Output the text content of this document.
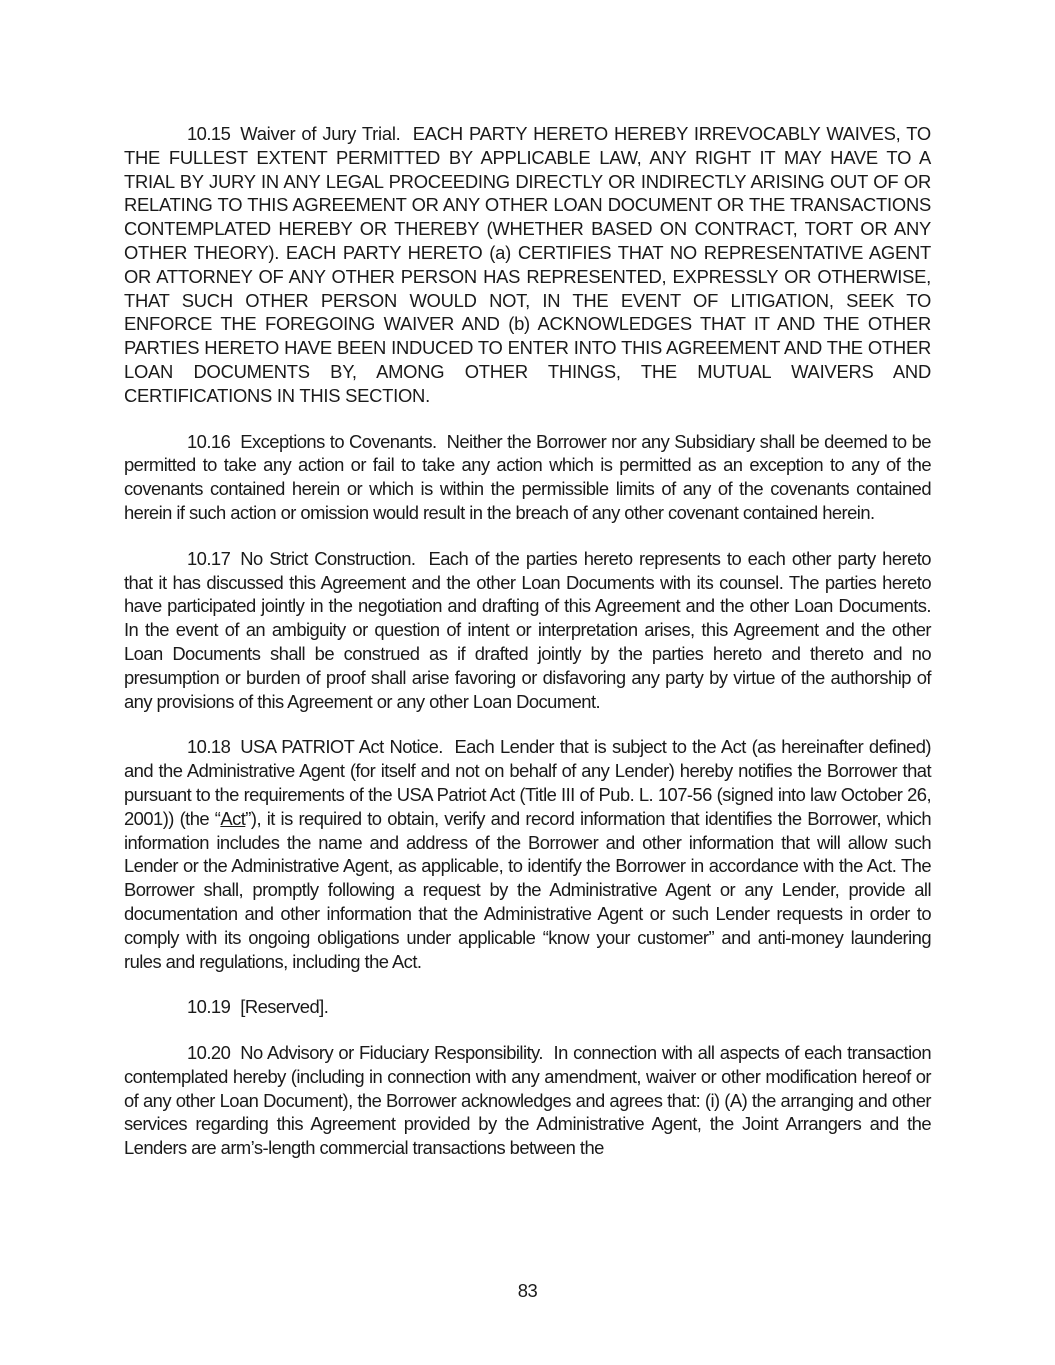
10.15 Waiver of Jury Trial. EACH PARTY HERETO HEREBY IRREVOCABLY WAIVES, TO THE FULLEST EXTENT PERMITTED BY APPLICABLE LAW, ANY RIGHT IT MAY HAVE TO A TRIAL BY JURY IN ANY LEGAL PROCEEDING DIRECTLY OR INDIRECTLY ARISING OUT OF OR RELATING TO THIS AGREEMENT OR ANY OTHER LOAN DOCUMENT OR THE TRANSACTIONS CONTEMPLATED HEREBY OR THEREBY (WHETHER BASED ON CONTRACT, TORT OR ANY OTHER THEORY). EACH PARTY HERETO (a) CERTIFIES THAT NO REPRESENTATIVE AGENT OR ATTORNEY OF ANY OTHER PERSON HAS REPRESENTED, EXPRESSLY OR OTHERWISE, THAT SUCH OTHER PERSON WOULD NOT, IN THE EVENT OF LITIGATION, SEEK TO ENFORCE THE FOREGOING WAIVER AND (b) ACKNOWLEDGES THAT IT AND THE OTHER PARTIES HERETO HAVE BEEN INDUCED TO ENTER INTO THIS AGREEMENT AND THE OTHER LOAN DOCUMENTS BY, AMONG OTHER THINGS, THE MUTUAL WAIVERS AND CERTIFICATIONS IN THIS SECTION.

10.16 Exceptions to Covenants. Neither the Borrower nor any Subsidiary shall be deemed to be permitted to take any action or fail to take any action which is permitted as an exception to any of the covenants contained herein or which is within the permissible limits of any of the covenants contained herein if such action or omission would result in the breach of any other covenant contained herein.

10.17 No Strict Construction. Each of the parties hereto represents to each other party hereto that it has discussed this Agreement and the other Loan Documents with its counsel. The parties hereto have participated jointly in the negotiation and drafting of this Agreement and the other Loan Documents. In the event of an ambiguity or question of intent or interpretation arises, this Agreement and the other Loan Documents shall be construed as if drafted jointly by the parties hereto and thereto and no presumption or burden of proof shall arise favoring or disfavoring any party by virtue of the authorship of any provisions of this Agreement or any other Loan Document.

10.18 USA PATRIOT Act Notice. Each Lender that is subject to the Act (as hereinafter defined) and the Administrative Agent (for itself and not on behalf of any Lender) hereby notifies the Borrower that pursuant to the requirements of the USA Patriot Act (Title III of Pub. L. 107-56 (signed into law October 26, 2001)) (the “Act”), it is required to obtain, verify and record information that identifies the Borrower, which information includes the name and address of the Borrower and other information that will allow such Lender or the Administrative Agent, as applicable, to identify the Borrower in accordance with the Act. The Borrower shall, promptly following a request by the Administrative Agent or any Lender, provide all documentation and other information that the Administrative Agent or such Lender requests in order to comply with its ongoing obligations under applicable “know your customer” and anti-money laundering rules and regulations, including the Act.

10.19 [Reserved].

10.20 No Advisory or Fiduciary Responsibility. In connection with all aspects of each transaction contemplated hereby (including in connection with any amendment, waiver or other modification hereof or of any other Loan Document), the Borrower acknowledges and agrees that: (i) (A) the arranging and other services regarding this Agreement provided by the Administrative Agent, the Joint Arrangers and the Lenders are arm’s-length commercial transactions between the

83
